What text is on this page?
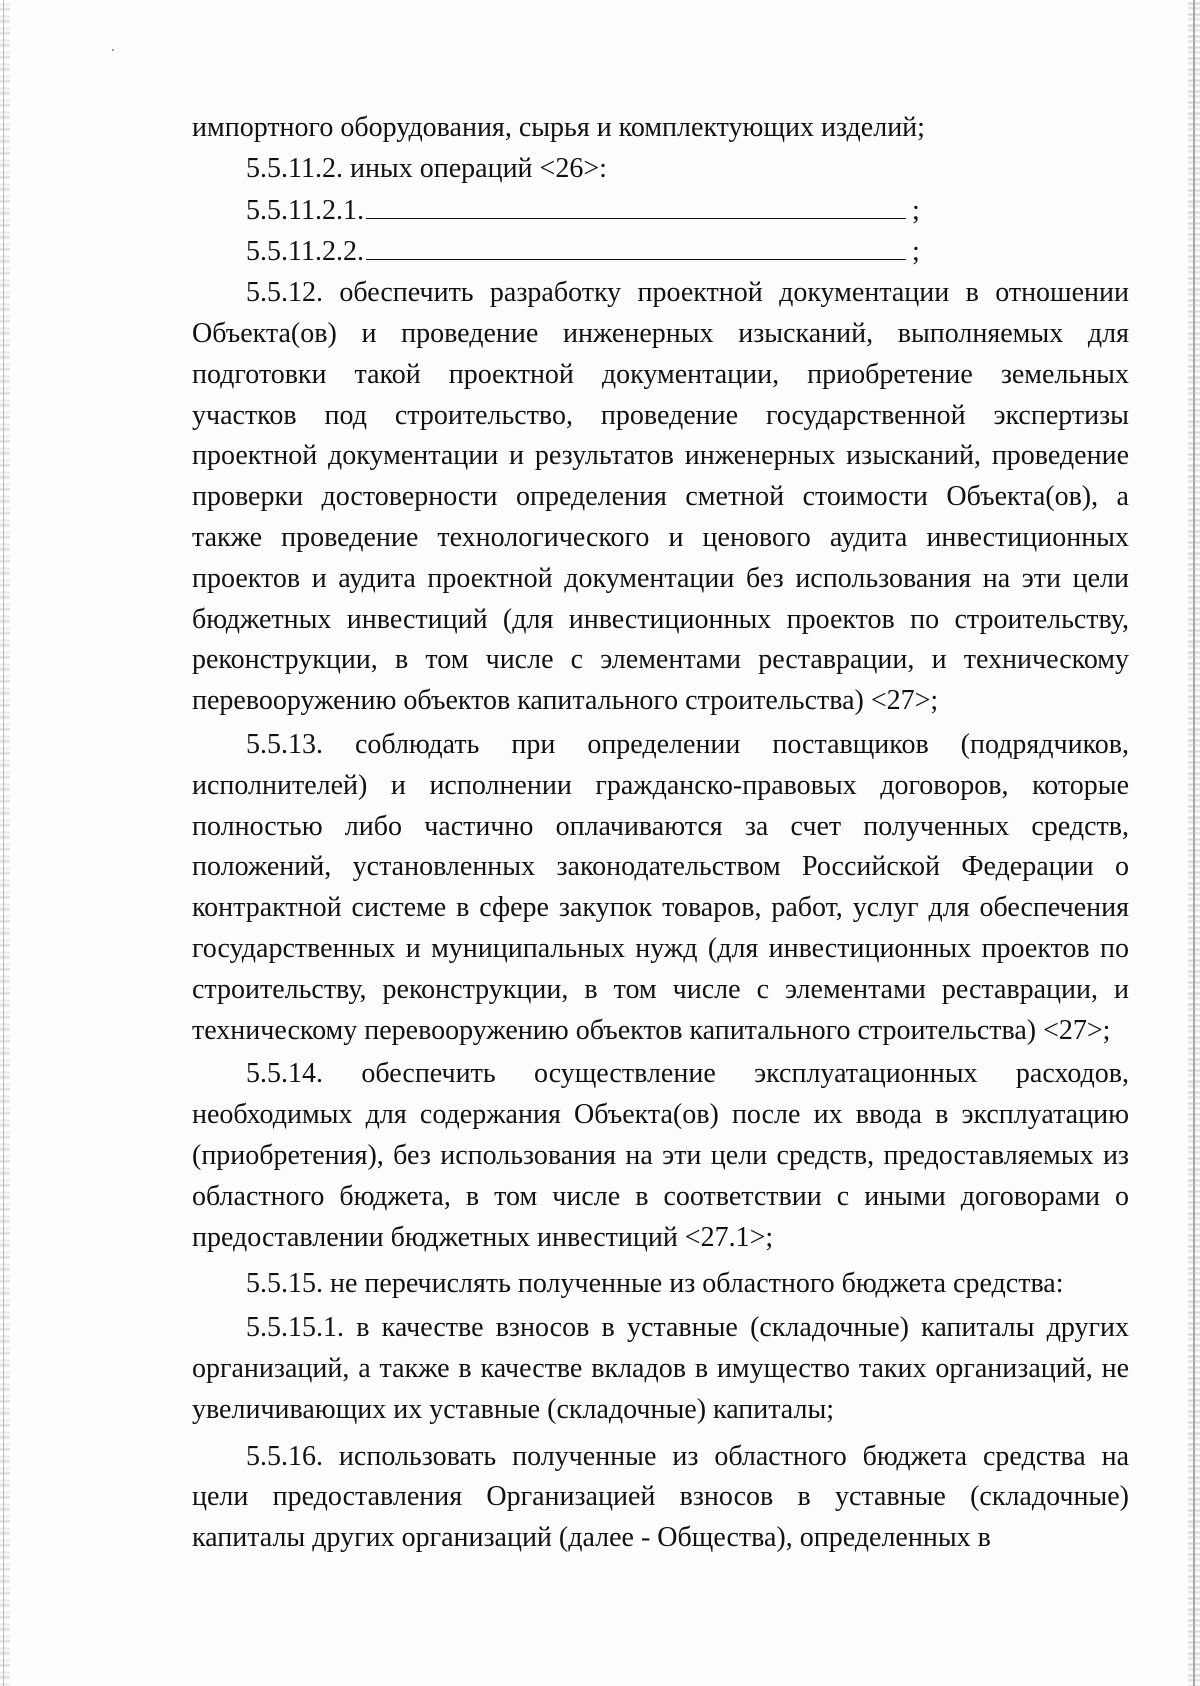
импортного оборудования, сырья и комплектующих изделий;

5.5.11.2. иных операций <26>:

5.5.11.2.1.	;

5.5.11.2.2.	;

5.5.12. обеспечить разработку проектной документации в отношении Объекта(ов) и проведение инженерных изысканий, выполняемых для подготовки такой проектной документации, приобретение земельных участков под строительство, проведение государственной экспертизы проектной документации и результатов инженерных изысканий, проведение проверки достоверности определения сметной стоимости Объекта(ов), а также проведение технологического и ценового аудита инвестиционных проектов и аудита проектной документации без использования на эти цели бюджетных инвестиций (для инвестиционных проектов по строительству, реконструкции, в том числе с элементами реставрации, и техническому перевооружению объектов капитального строительства) <27>;

5.5.13. соблюдать при определении поставщиков (подрядчиков, исполнителей) и исполнении гражданско-правовых договоров, которые полностью либо частично оплачиваются за счет полученных средств, положений, установленных законодательством Российской Федерации о контрактной системе в сфере закупок товаров, работ, услуг для обеспечения государственных и муниципальных нужд (для инвестиционных проектов по строительству, реконструкции, в том числе с элементами реставрации, и техническому перевооружению объектов капитального строительства) <27>;

5.5.14. обеспечить осуществление эксплуатационных расходов, необходимых для содержания Объекта(ов) после их ввода в эксплуатацию (приобретения), без использования на эти цели средств, предоставляемых из областного бюджета, в том числе в соответствии с иными договорами о предоставлении бюджетных инвестиций <27.1>;

5.5.15. не перечислять полученные из областного бюджета средства:

5.5.15.1. в качестве взносов в уставные (складочные) капиталы других организаций, а также в качестве вкладов в имущество таких организаций, не увеличивающих их уставные (складочные) капиталы;

5.5.16. использовать полученные из областного бюджета средства на цели предоставления Организацией взносов в уставные (складочные) капиталы других организаций (далее - Общества), определенных в
